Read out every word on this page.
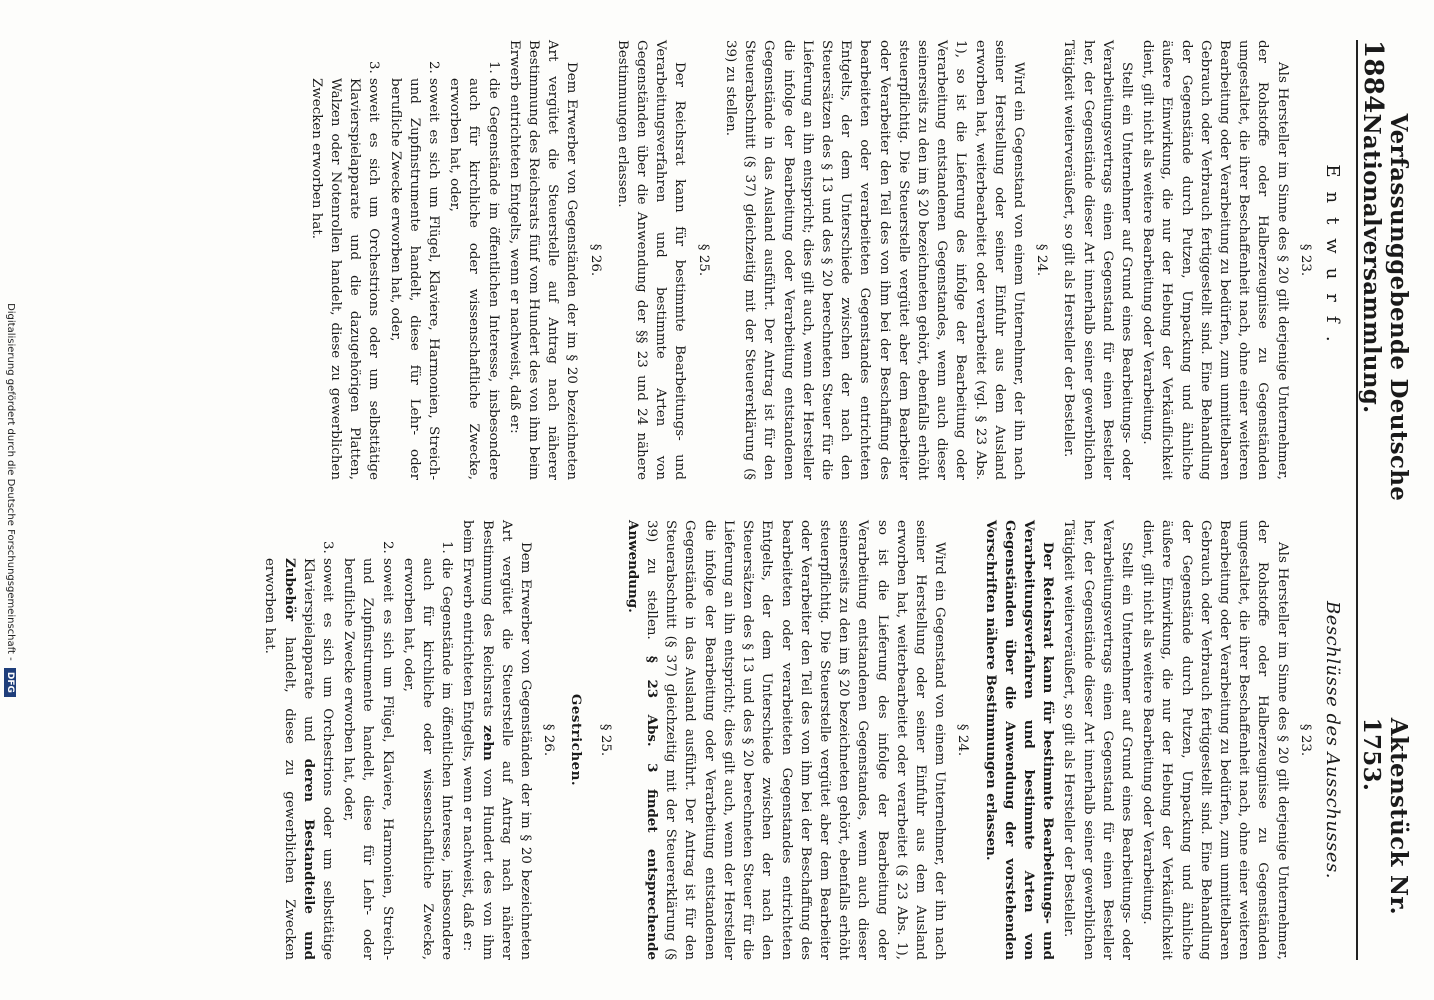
1884
Verfassunggebende Deutsche Nationalversammlung.
Aktenstück Nr. 1753.
Entwurf.
§ 23.

Als Hersteller im Sinne des § 20 gilt derjenige Unternehmer, der Rohstoffe oder Halberzeugnisse zu Gegenständen umgestaltet, die ihrer Beschaffenheit nach, ohne einer weiteren Bearbeitung oder Verarbeitung zu bedürfen, zum unmittelbaren Gebrauch oder Verbrauch fertiggestellt sind. Eine Behandlung der Gegenstände durch Putzen, Umpackung und ähnliche äußere Einwirkung, die nur der Hebung der Verkäuflichkeit dient, gilt nicht als weitere Bearbeitung oder Verarbeitung.

Stellt ein Unternehmer auf Grund eines Bearbeitungs- oder Verarbeitungsvertrags einen Gegenstand für einen Besteller her, der Gegenstände dieser Art innerhalb seiner gewerblichen Tätigkeit weiterveräußert, so gilt als Hersteller der Besteller.

§ 24.

Wird ein Gegenstand von einem Unternehmer, der ihn nach seiner Herstellung oder seiner Einfuhr aus dem Ausland erworben hat, weiterbearbeitet oder verarbeitet (vgl. § 23 Abs. 1), so ist die Lieferung des infolge der Bearbeitung oder Verarbeitung entstandenen Gegenstandes, wenn auch dieser seinerseits zu den im § 20 bezeichneten gehört, ebenfalls erhöht steuerpflichtig. Die Steuerstelle vergütet aber dem Bearbeiter oder Verarbeiter den Teil des von ihm bei der Beschaffung des bearbeiteten oder verarbeiteten Gegenstandes entrichteten Entgelts, der dem Unterschiede zwischen der nach den Steuersätzen des § 13 und des § 20 berechneten Steuer für die Lieferung an ihn entspricht; dies gilt auch, wenn der Hersteller die infolge der Bearbeitung oder Verarbeitung entstandenen Gegenstände in das Ausland ausführt. Der Antrag ist für den Steuerabschnitt (§ 37) gleichzeitig mit der Steuererklärung (§ 39) zu stellen.

§ 25.

Der Reichsrat kann für bestimmte Bearbeitungs- und Verarbeitungsverfahren und bestimmte Arten von Gegenständen über die Anwendung der §§ 23 und 24 nähere Bestimmungen erlassen.

§ 26.

Dem Erwerber von Gegenständen der im § 20 bezeichneten Art vergütet die Steuerstelle auf Antrag nach näherer Bestimmung des Reichsrats fünf vom Hundert des von ihm beim Erwerb entrichteten Entgelts, wenn er nachweist, daß er:

1. die Gegenstände im öffentlichen Interesse, insbesondere auch für kirchliche oder wissenschaftliche Zwecke, erworben hat, oder,
2. soweit es sich um Flügel, Klaviere, Harmonien, Streich- und Zupfinstrumente handelt, diese für Lehr- oder berufliche Zwecke erworben hat, oder,
3. soweit es sich um Orchestrions oder um selbsttätige Klavierspielapparate und die dazugehörigen Platten, Walzen oder Notenrollen handelt, diese zu gewerblichen Zwecken erworben hat.
Beschlüsse des Ausschusses.
§ 23.

Als Hersteller im Sinne des § 20 gilt derjenige Unternehmer, der Rohstoffe oder Halberzeugnisse zu Gegenständen umgestaltet, die ihrer Beschaffenheit nach, ohne einer weiteren Bearbeitung oder Verarbeitung zu bedürfen, zum unmittelbaren Gebrauch oder Verbrauch fertiggestellt sind. Eine Behandlung der Gegenstände durch Putzen, Umpackung und ähnliche äußere Einwirkung, die nur der Hebung der Verkäuflichkeit dient, gilt nicht als weitere Bearbeitung oder Verarbeitung.

Stellt ein Unternehmer auf Grund eines Bearbeitungs- oder Verarbeitungsvertrags einen Gegenstand für einen Besteller her, der Gegenstände dieser Art innerhalb seiner gewerblichen Tätigkeit weiterveräußert, so gilt als Hersteller der Besteller.

Der Reichsrat kann für bestimmte Bearbeitungs- und Verarbeitungsverfahren und bestimmte Arten von Gegenständen über die Anwendung der vorstehenden Vorschriften nähere Bestimmungen erlassen.

§ 24.

Wird ein Gegenstand von einem Unternehmer, der ihn nach seiner Herstellung oder seiner Einfuhr aus dem Ausland erworben hat, weiterbearbeitet oder verarbeitet (§ 23 Abs. 1), so ist die Lieferung des infolge der Bearbeitung oder Verarbeitung entstandenen Gegenstandes, wenn auch dieser seinerseits zu den im § 20 bezeichneten gehört, ebenfalls erhöht steuerpflichtig. Die Steuerstelle vergütet aber dem Bearbeiter oder Verarbeiter den Teil des von ihm bei der Beschaffung des bearbeiteten oder verarbeiteten Gegenstandes entrichteten Entgelts, der dem Unterschiede zwischen der nach den Steuersätzen des § 13 und des § 20 berechneten Steuer für die Lieferung an ihn entspricht; dies gilt auch, wenn der Hersteller die infolge der Bearbeitung oder Verarbeitung entstandenen Gegenstände in das Ausland ausführt. Der Antrag ist für den Steuerabschnitt (§ 37) gleichzeitig mit der Steuererklärung (§ 39) zu stellen. § 23 Abs. 3 findet entsprechende Anwendung.

§ 25.
Gestrichen.
§ 26.

Dem Erwerber von Gegenständen der im § 20 bezeichneten Art vergütet die Steuerstelle auf Antrag nach näherer Bestimmung des Reichsrats zehn vom Hundert des von ihm beim Erwerb entrichteten Entgelts, wenn er nachweist, daß er:

1. die Gegenstände im öffentlichen Interesse, insbesondere auch für kirchliche oder wissenschaftliche Zwecke, erworben hat, oder,
2. soweit es sich um Flügel, Klaviere, Harmonien, Streich- und Zupfinstrumente handelt, diese für Lehr- oder berufliche Zwecke erworben hat, oder,
3. soweit es sich um Orchestrions oder um selbsttätige Klavierspielapparate und deren Bestandteile und Zubehör handelt, diese zu gewerblichen Zwecken erworben hat.
Digitalisierung gefördert durch die Deutsche Forschungsgemeinschaft - DFG
